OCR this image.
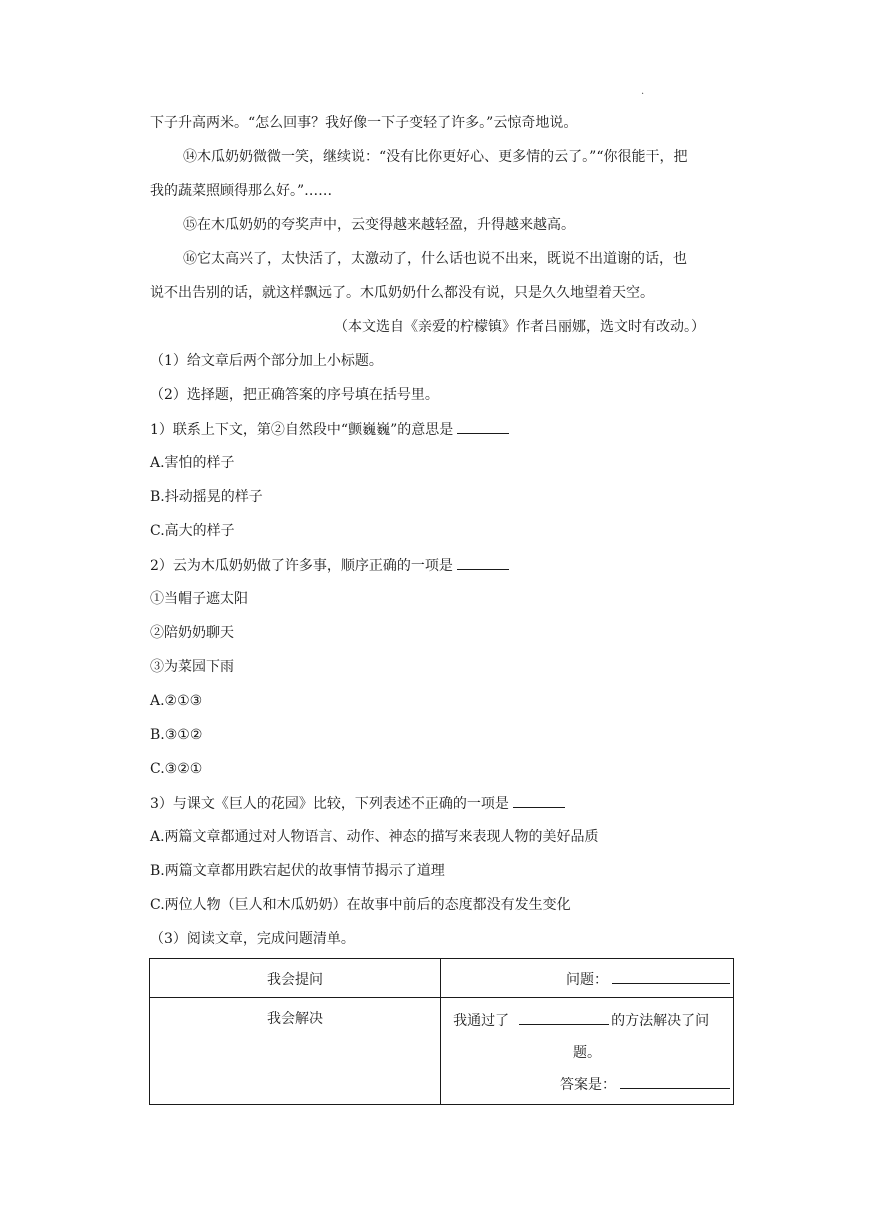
.
下子升高两米。“怎么回事？我好像一下子变轻了许多。”云惊奇地说。
⑭木瓜奶奶微微一笑，继续说：“没有比你更好心、更多情的云了。”“你很能干，把
我的蔬菜照顾得那么好。”……
⑮在木瓜奶奶的夸奖声中，云变得越来越轻盈，升得越来越高。
⑯它太高兴了，太快活了，太激动了，什么话也说不出来，既说不出道谢的话，也
说不出告别的话，就这样飘远了。木瓜奶奶什么都没有说，只是久久地望着天空。
（本文选自《亲爱的柠檬镇》作者吕丽娜，选文时有改动。）
（1）给文章后两个部分加上小标题。
（2）选择题，把正确答案的序号填在括号里。
1）联系上下文，第②自然段中“颤巍巍”的意思是
A.害怕的样子
B.抖动摇晃的样子
C.高大的样子
2）云为木瓜奶奶做了许多事，顺序正确的一项是
①当帽子遮太阳
②陪奶奶聊天
③为菜园下雨
A.②①③
B.③①②
C.③②①
3）与课文《巨人的花园》比较，下列表述不正确的一项是
A.两篇文章都通过对人物语言、动作、神态的描写来表现人物的美好品质
B.两篇文章都用跌宕起伏的故事情节揭示了道理
C.两位人物（巨人和木瓜奶奶）在故事中前后的态度都没有发生变化
（3）阅读文章，完成问题清单。
我会提问	问题：

我会解决	我通过了 的方法解决了问
题。
答案是：
